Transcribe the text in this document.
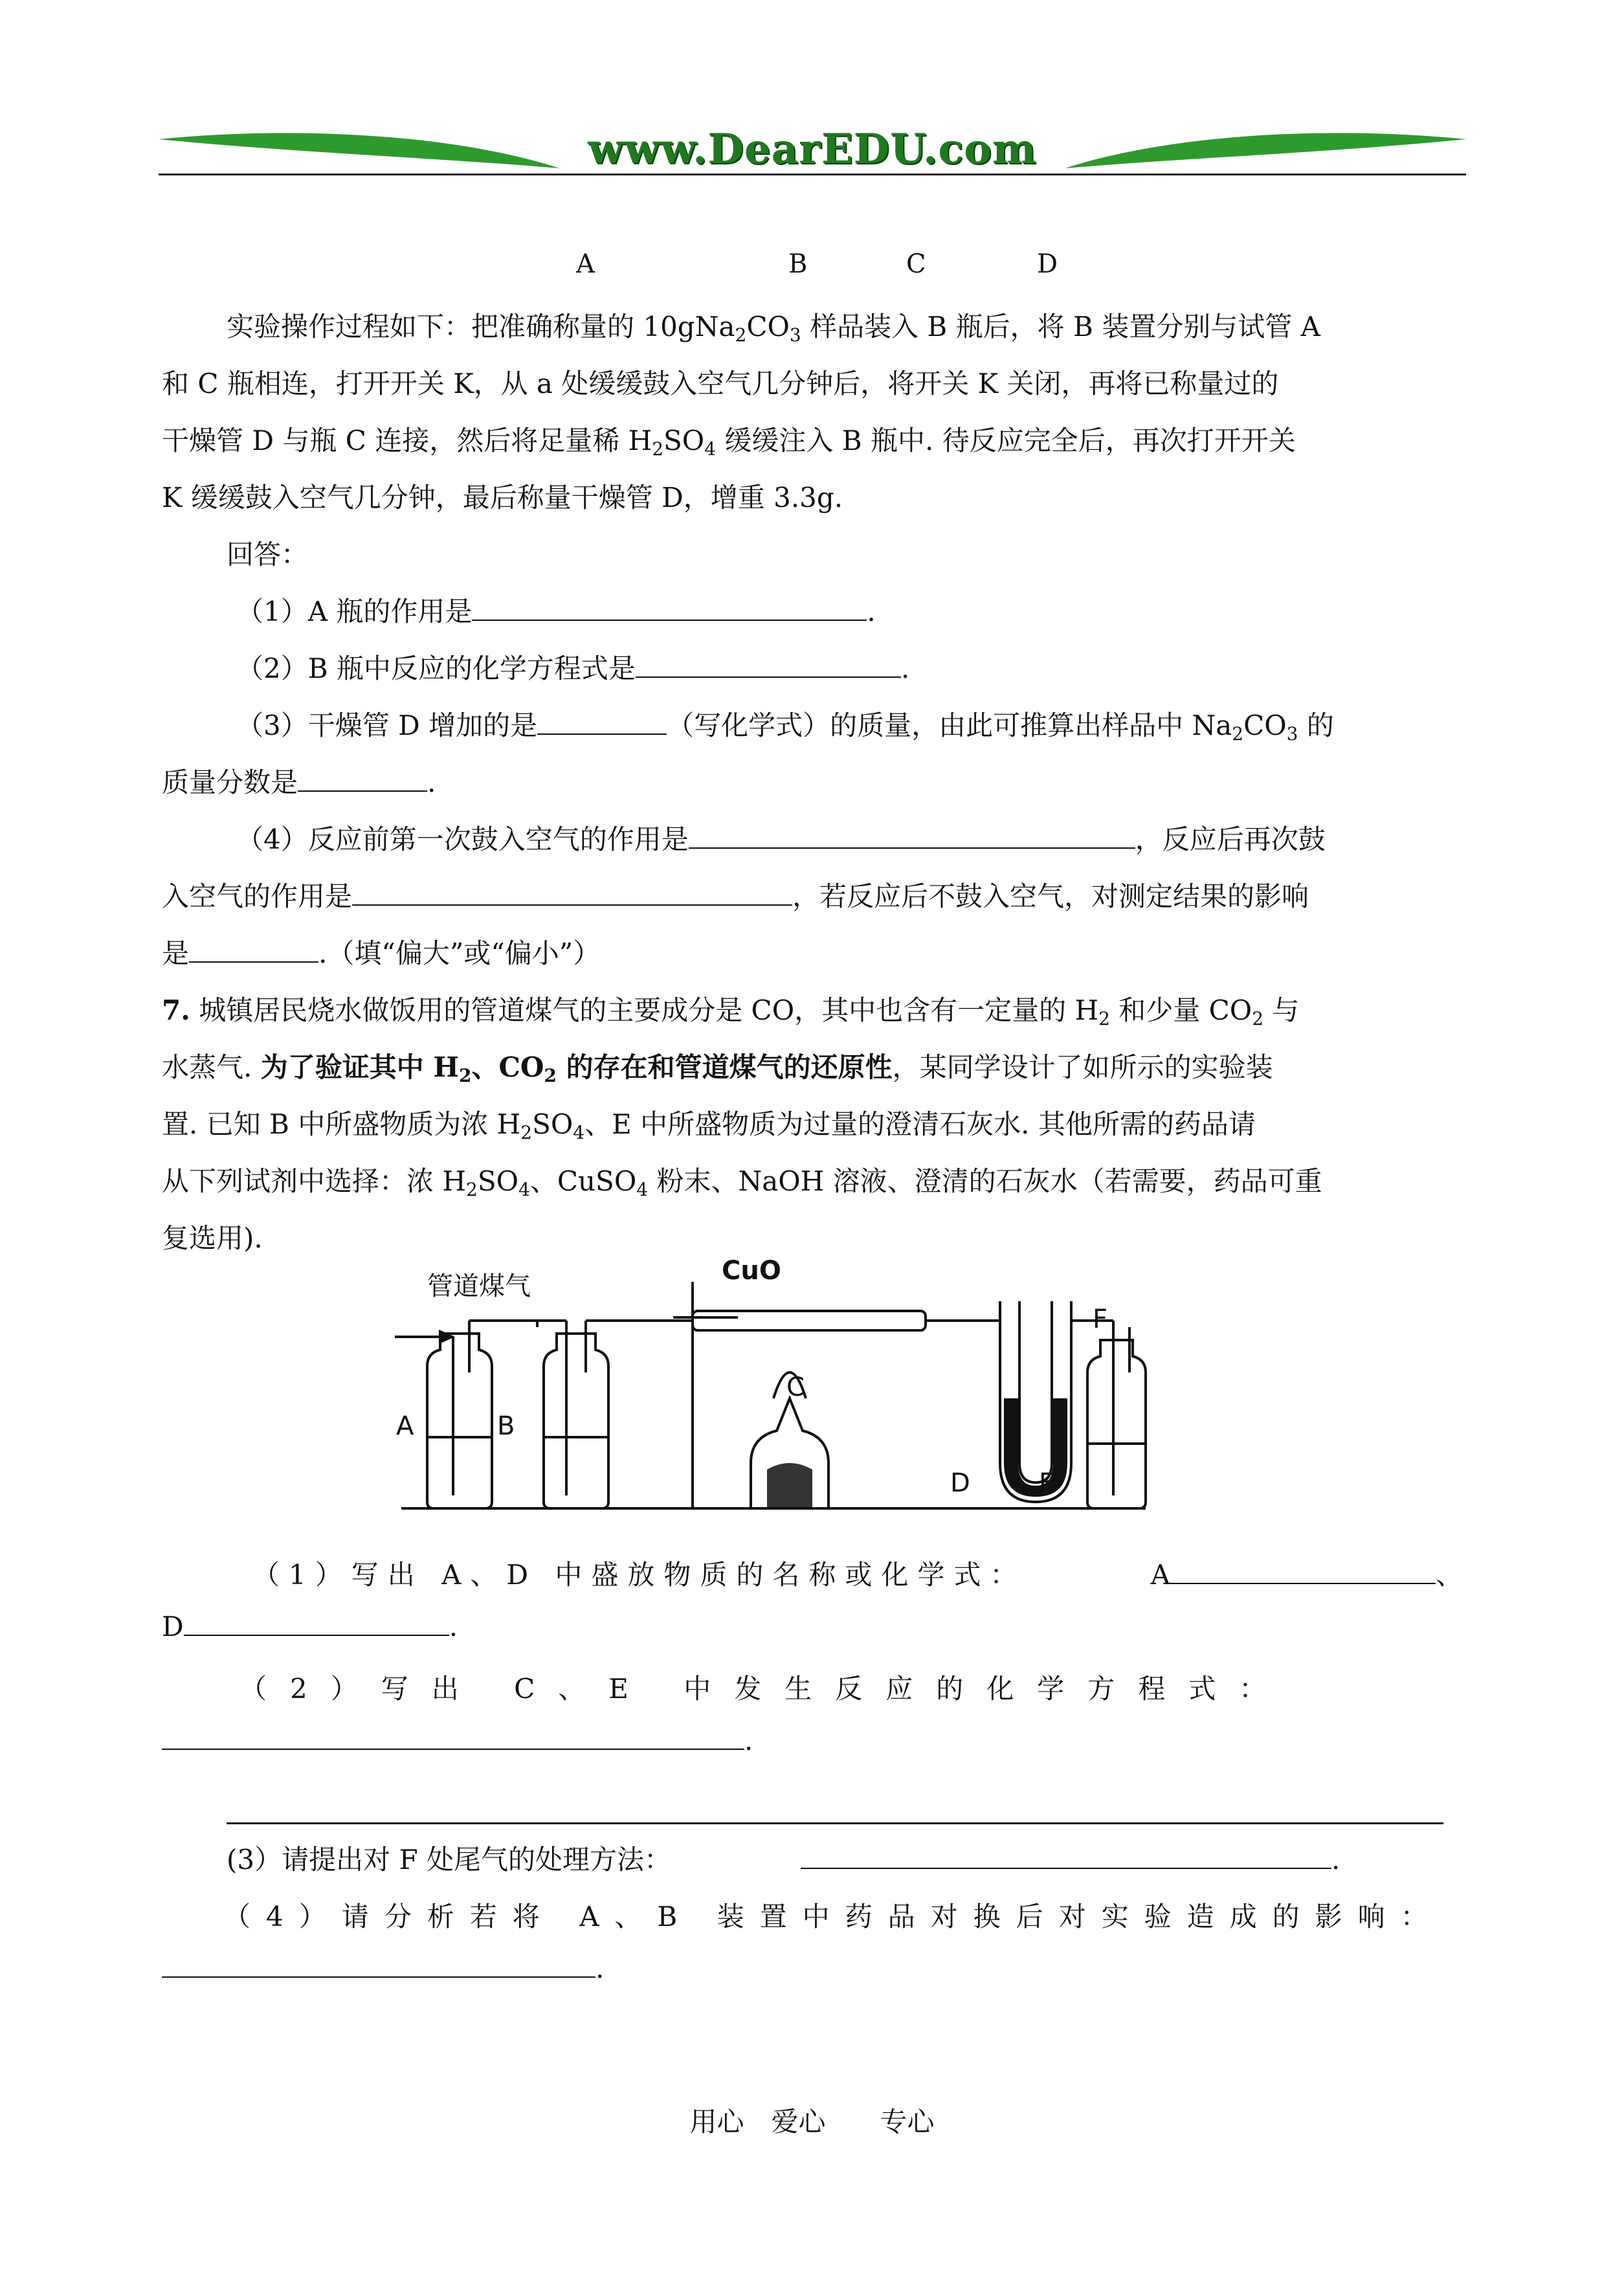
www.DearEDU.com
A	B	C	D
实验操作过程如下：把准确称量的 $10gNa_2CO_3$ 样品装入 B 瓶后，将 B 装置分别与试管 A
和 C 瓶相连，打开开关 K，从 a 处缓缓鼓入空气几分钟后，将开关 K 关闭，再将已称量过的
干燥管 D 与瓶 C 连接，然后将足量稀 $H_2SO_4$ 缓缓注入 B 瓶中. 待反应完全后，再次打开开关
K 缓缓鼓入空气几分钟，最后称量干燥管 D，增重 3.3g.
回答：
（1）A 瓶的作用是	.
（2）B 瓶中反应的化学方程式是	.
（3）干燥管 D 增加的是	（写化学式）的质量，由此可推算出样品中 $Na_2CO_3$ 的
质量分数是	.
（4）反应前第一次鼓入空气的作用是	，反应后再次鼓
入空气的作用是	，若反应后不鼓入空气，对测定结果的影响
是	.（填“偏大”或“偏小”）
7. 城镇居民烧水做饭用的管道煤气的主要成分是 CO，其中也含有一定量的 $H_2$ 和少量 $CO_2$ 与
水蒸气. 为了验证其中 $H_2$、$CO_2$ 的存在和管道煤气的还原性，某同学设计了如所示的实验装
置. 已知 B 中所盛物质为浓 $H_2SO_4$、E 中所盛物质为过量的澄清石灰水. 其他所需的药品请
从下列试剂中选择：浓 $H_2SO_4$、CuSO$_4$ 粉末、NaOH 溶液、澄清的石灰水（若需要，药品可重
复选用).
管道煤气
CuO
A	B
C
D	E
F
（1）写出 A、D 中盛放物质的名称或化学式：	A	、
D	.
（2）写出 C、E 中发生反应的化学方程式：
.
(3）请提出对 F 处尾气的处理方法：	.
（4）请分析若将 A、B 装置中药品对换后对实验造成的影响：
.
用心　爱心　　专心
